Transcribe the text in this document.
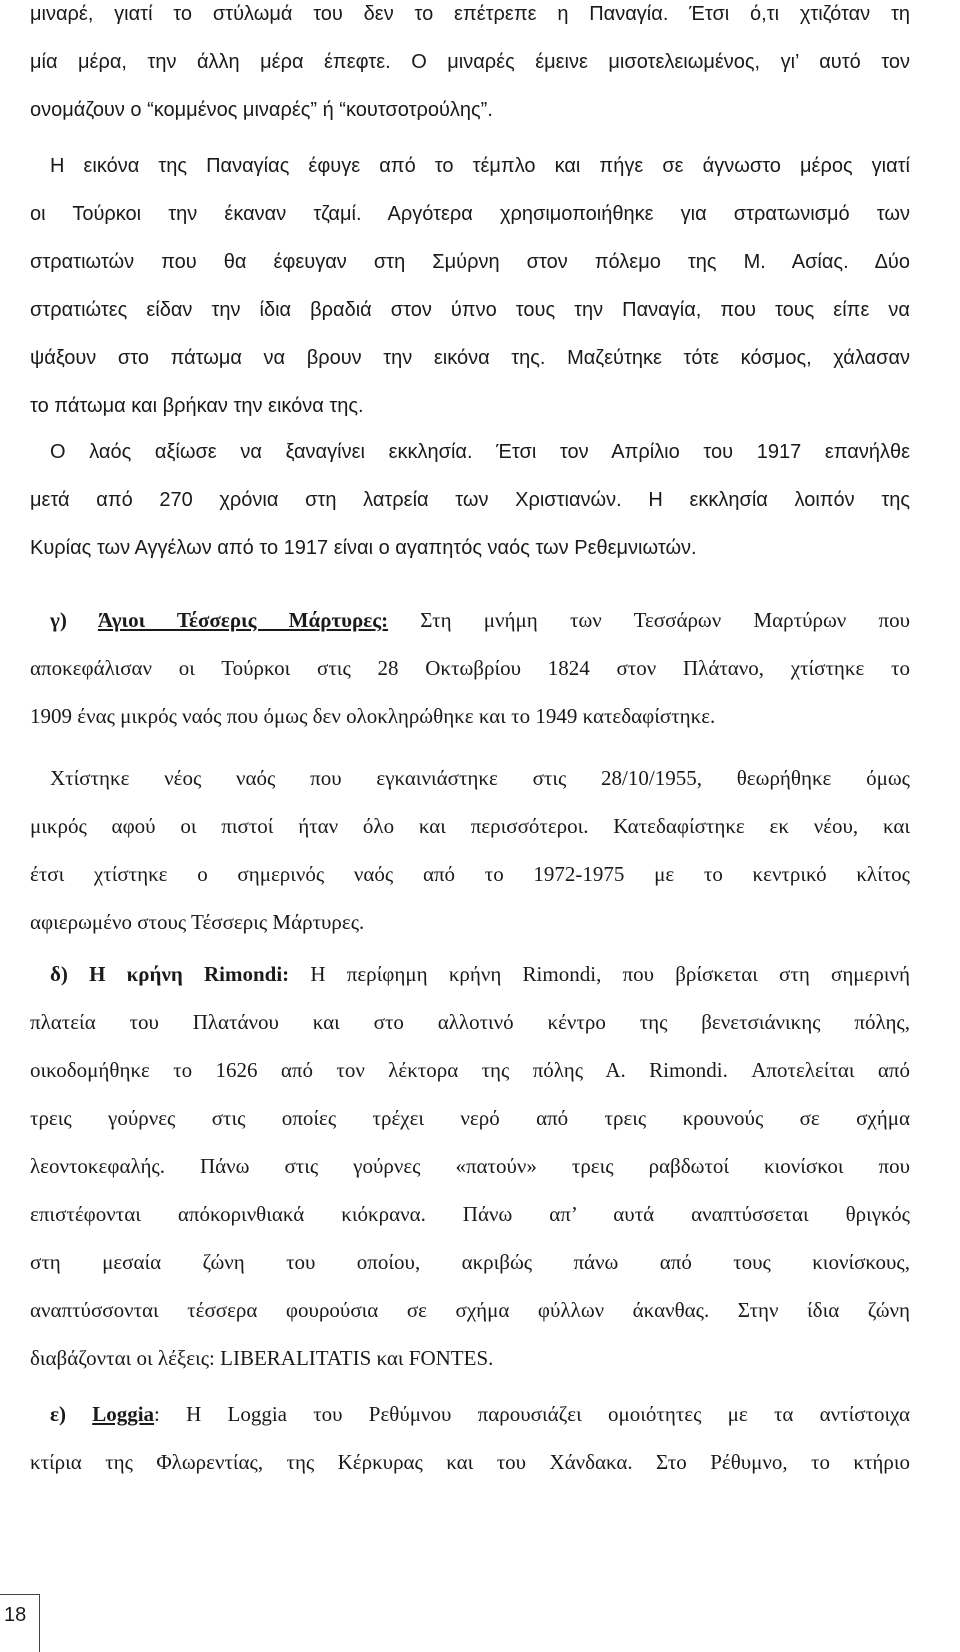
μιναρέ, γιατί το στύλωμά του δεν το επέτρεπε η Παναγία. Έτσι ό,τι χτιζόταν τη
μία μέρα, την άλλη μέρα έπεφτε. Ο μιναρές έμεινε μισοτελειωμένος, γι’ αυτό τον
ονομάζουν ο “κομμένος μιναρές” ή “κουτσοτρούλης”.

Η εικόνα της Παναγίας έφυγε από το τέμπλο και πήγε σε άγνωστο μέρος γιατί
οι Τούρκοι την έκαναν τζαμί. Αργότερα χρησιμοποιήθηκε για στρατωνισμό των
στρατιωτών που θα έφευγαν στη Σμύρνη στον πόλεμο της Μ. Ασίας. Δύο
στρατιώτες είδαν την ίδια βραδιά στον ύπνο τους την Παναγία, που τους είπε να
ψάξουν στο πάτωμα να βρουν την εικόνα της. Μαζεύτηκε τότε κόσμος, χάλασαν
το πάτωμα και βρήκαν την εικόνα της.

Ο λαός αξίωσε να ξαναγίνει εκκλησία. Έτσι τον Απρίλιο του 1917 επανήλθε
μετά από 270 χρόνια στη λατρεία των Χριστιανών. Η εκκλησία λοιπόν της
Κυρίας των Αγγέλων από το 1917 είναι ο αγαπητός ναός των Ρεθεμνιωτών.

γ) Άγιοι Τέσσερις Μάρτυρες: Στη μνήμη των Τεσσάρων Μαρτύρων που
αποκεφάλισαν οι Τούρκοι στις 28 Οκτωβρίου 1824 στον Πλάτανο, χτίστηκε το
1909 ένας μικρός ναός που όμως δεν ολοκληρώθηκε και το 1949 κατεδαφίστηκε.

Χτίστηκε νέος ναός που εγκαινιάστηκε στις 28/10/1955, θεωρήθηκε όμως
μικρός αφού οι πιστοί ήταν όλο και περισσότεροι. Κατεδαφίστηκε εκ νέου, και
έτσι χτίστηκε ο σημερινός ναός από το 1972-1975 με το κεντρικό κλίτος
αφιερωμένο στους Τέσσερις Μάρτυρες.

δ) Η κρήνη Rimondi: Η περίφημη κρήνη Rimondi, που βρίσκεται στη σημερινή
πλατεία του Πλατάνου και στο αλλοτινό κέντρο της βενετσιάνικης πόλης,
οικοδομήθηκε το 1626 από τον λέκτορα της πόλης Α. Rimondi. Αποτελείται από
τρεις γούρνες στις οποίες τρέχει νερό από τρεις κρουνούς σε σχήμα
λεοντοκεφαλής. Πάνω στις γούρνες «πατούν» τρεις ραβδωτοί κιονίσκοι που
επιστέφονται απόκορινθιακά κιόκρανα. Πάνω απ’ αυτά αναπτύσσεται θριγκός
στη μεσαία ζώνη του οποίου, ακριβώς πάνω από τους κιονίσκους,
αναπτύσσονται τέσσερα φουρούσια σε σχήμα φύλλων άκανθας. Στην ίδια ζώνη
διαβάζονται οι λέξεις: LIBERALITATIS και FONTES.

ε) Loggia: Η Loggia του Ρεθύμνου παρουσιάζει ομοιότητες με τα αντίστοιχα
κτίρια της Φλωρεντίας, της Κέρκυρας και του Χάνδακα. Στο Ρέθυμνο, το κτήριο

18
